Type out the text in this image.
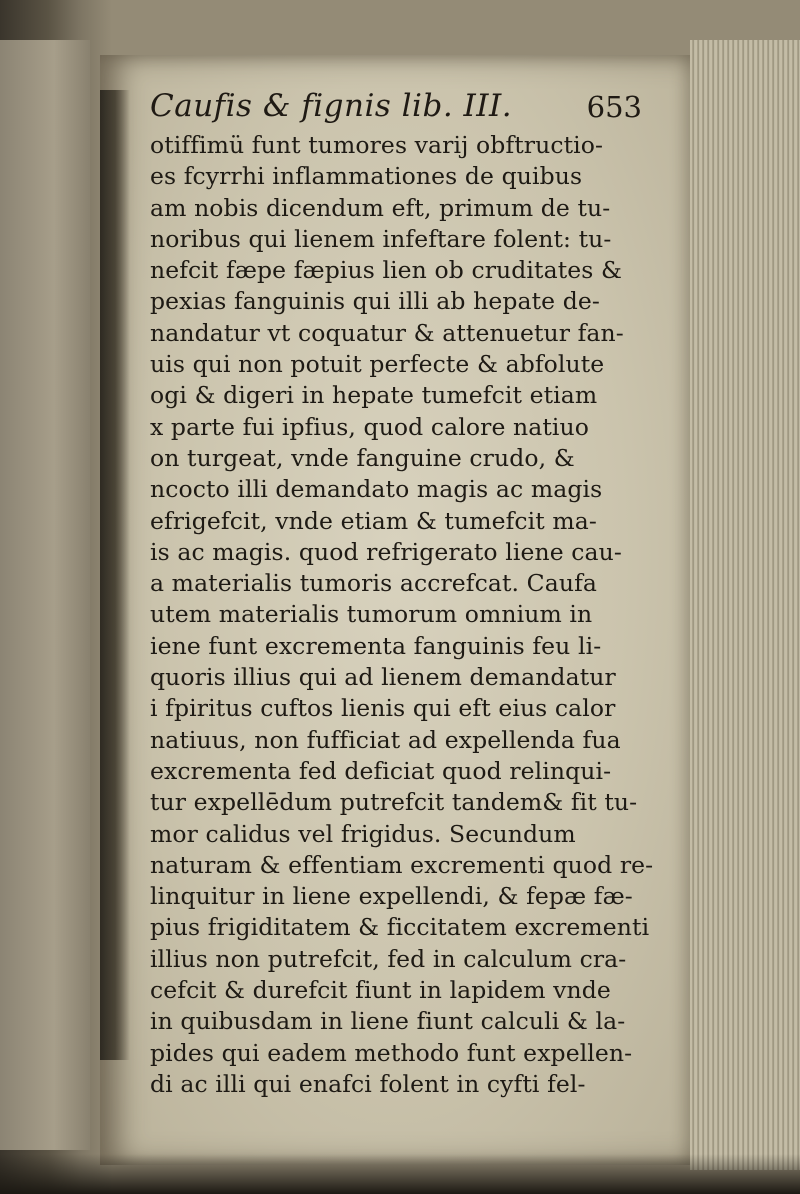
Caufis & fignis lib. III.	653
otiffimü funt tumores varij obftructio-
es fcyrrhi inflammationes de quibus
am nobis dicendum eft, primum de tu-
noribus qui lienem infeftare folent: tu-
nefcit fæpe fæpius lien ob cruditates &
pexias fanguinis qui illi ab hepate de-
nandatur vt coquatur & attenuetur fan-
uis qui non potuit perfecte & abfolute
ogi & digeri in hepate tumefcit etiam
x parte fui ipfius, quod calore natiuo
on turgeat, vnde fanguine crudo, &
ncocto illi demandato magis ac magis
efrigefcit, vnde etiam & tumefcit ma-
is ac magis. quod refrigerato liene cau-
a materialis tumoris accrefcat. Caufa
utem materialis tumorum omnium in
iene funt excrementa fanguinis feu li-
quoris illius qui ad lienem demandatur
i fpiritus cuftos lienis qui eft eius calor
natiuus, non fufficiat ad expellenda fua
excrementa fed deficiat quod relinqui-
tur expellēdum putrefcit tandem& fit tu-
mor calidus vel frigidus. Secundum
naturam & effentiam excrementi quod re-
linquitur in liene expellendi, & fepæ fæ-
pius frigiditatem & ficcitatem excrementi
illius non putrefcit, fed in calculum cra-
cefcit & durefcit fiunt in lapidem vnde
in quibusdam in liene fiunt calculi & la-
pides qui eadem methodo funt expellen-
di ac illi qui enafci folent in cyfti fel-
